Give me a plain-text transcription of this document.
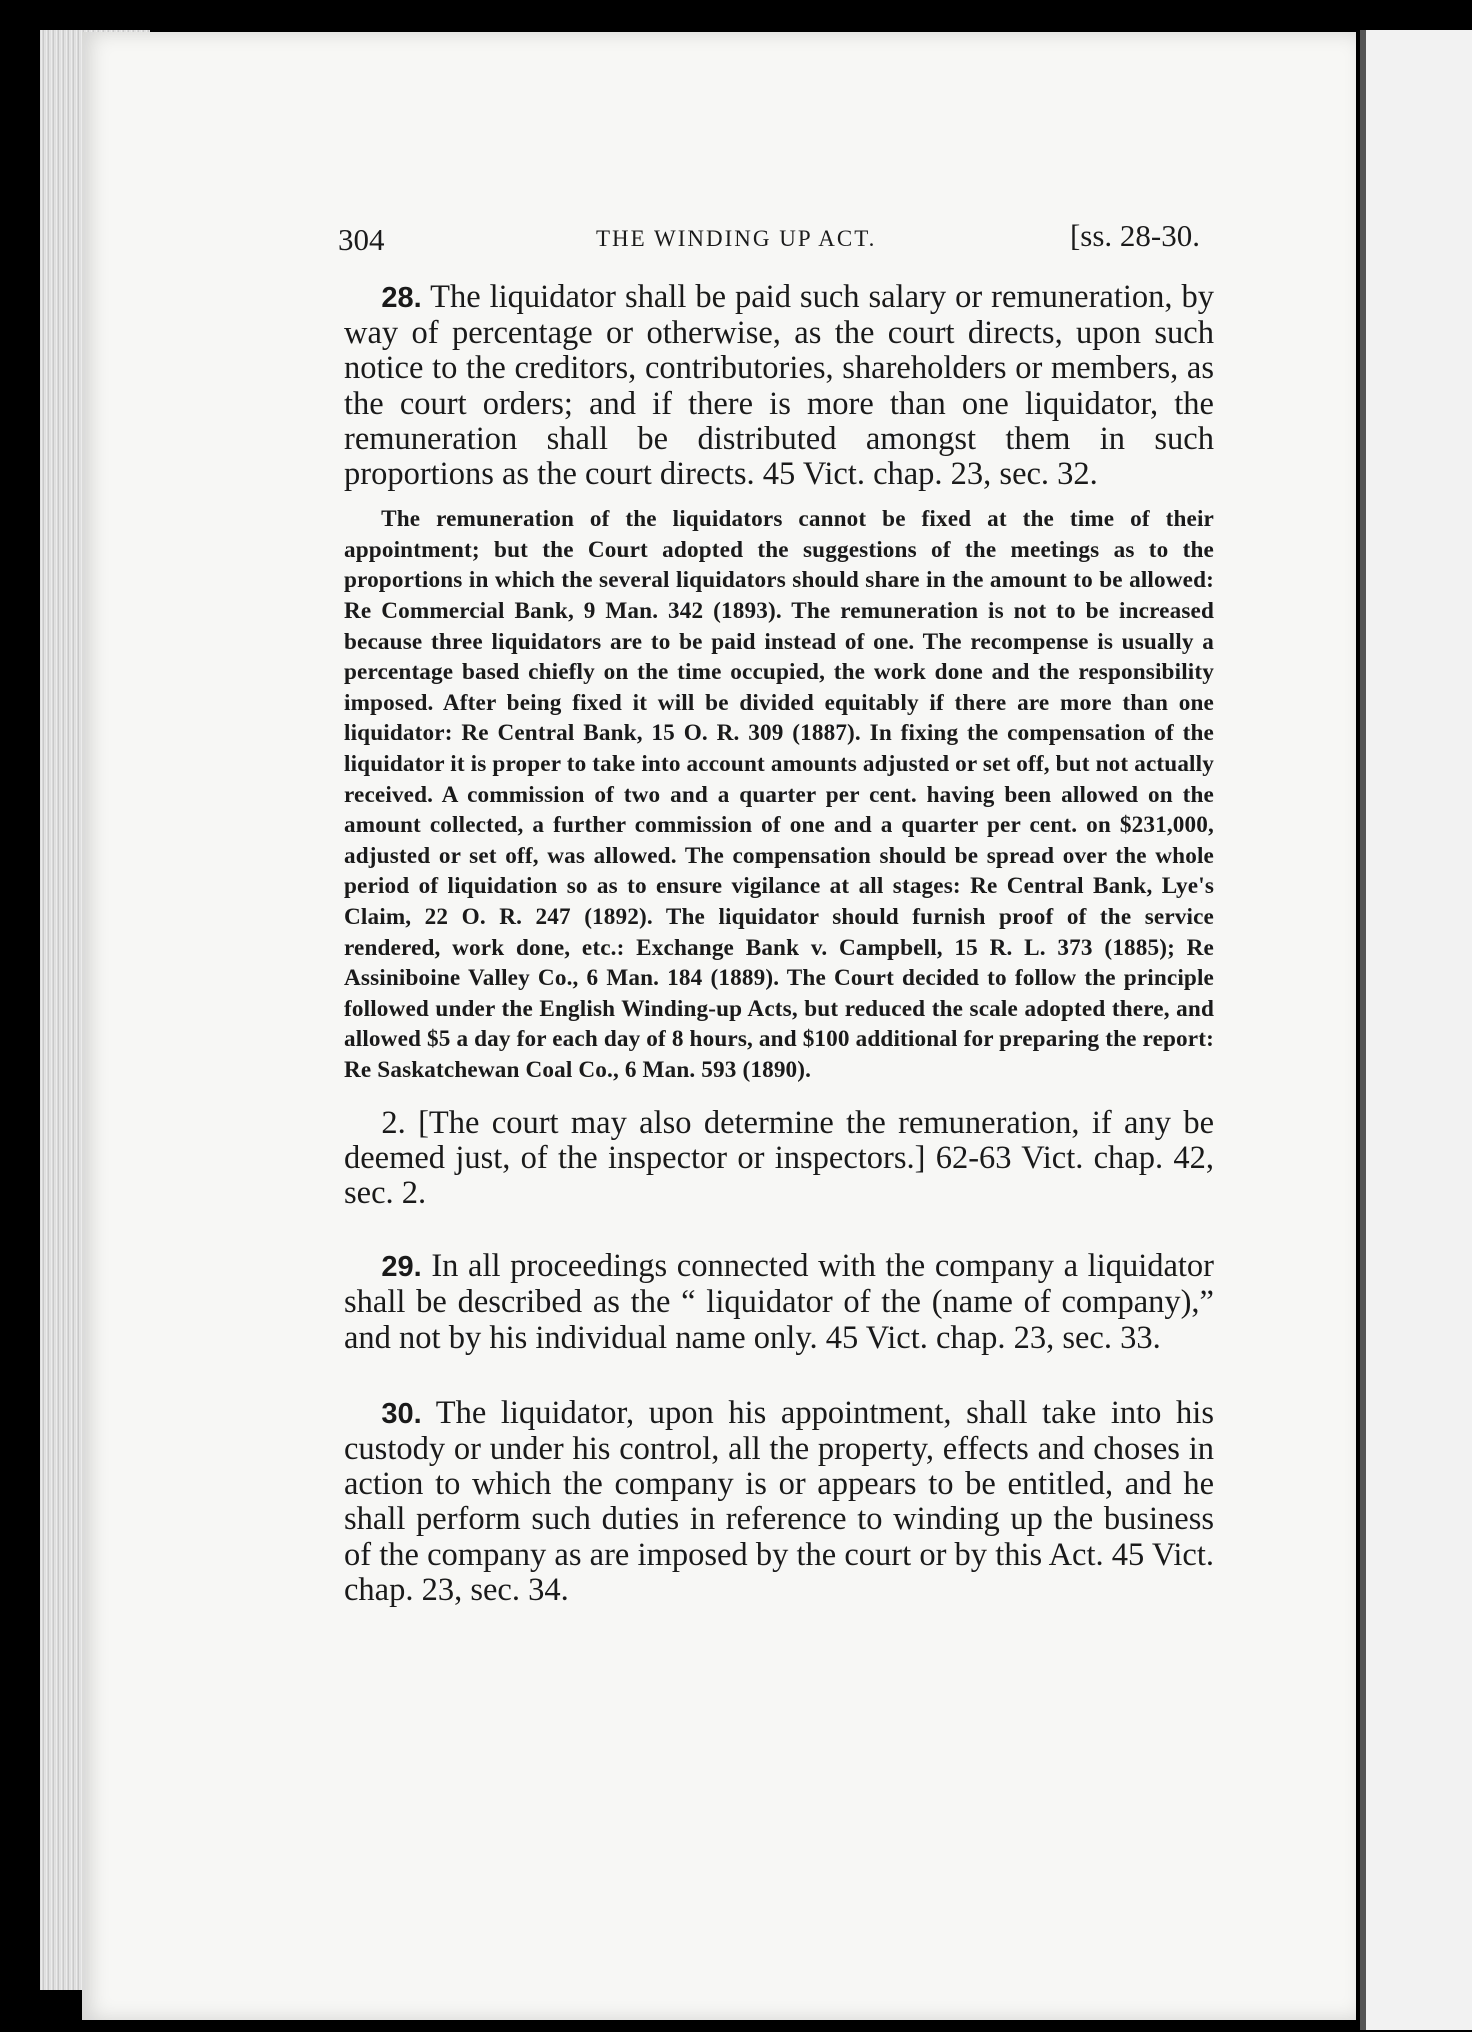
304	THE WINDING UP ACT.	[ss. 28-30.

28. The liquidator shall be paid such salary or remuneration, by way of percentage or otherwise, as the court directs, upon such notice to the creditors, contributories, shareholders or members, as the court orders; and if there is more than one liquidator, the remuneration shall be distributed amongst them in such proportions as the court directs. 45 Vict. chap. 23, sec. 32.

The remuneration of the liquidators cannot be fixed at the time of their appointment; but the Court adopted the suggestions of the meetings as to the proportions in which the several liquidators should share in the amount to be allowed: Re Commercial Bank, 9 Man. 342 (1893). The remuneration is not to be increased because three liquidators are to be paid instead of one. The recompense is usually a percentage based chiefly on the time occupied, the work done and the responsibility imposed. After being fixed it will be divided equitably if there are more than one liquidator: Re Central Bank, 15 O. R. 309 (1887). In fixing the compensation of the liquidator it is proper to take into account amounts adjusted or set off, but not actually received. A commission of two and a quarter per cent. having been allowed on the amount collected, a further commission of one and a quarter per cent. on $231,000, adjusted or set off, was allowed. The compensation should be spread over the whole period of liquidation so as to ensure vigilance at all stages: Re Central Bank, Lye's Claim, 22 O. R. 247 (1892). The liquidator should furnish proof of the service rendered, work done, etc.: Exchange Bank v. Campbell, 15 R. L. 373 (1885); Re Assiniboine Valley Co., 6 Man. 184 (1889). The Court decided to follow the principle followed under the English Winding-up Acts, but reduced the scale adopted there, and allowed $5 a day for each day of 8 hours, and $100 additional for preparing the report: Re Saskatchewan Coal Co., 6 Man. 593 (1890).

2. [The court may also determine the remuneration, if any be deemed just, of the inspector or inspectors.] 62-63 Vict. chap. 42, sec. 2.

29. In all proceedings connected with the company a liquidator shall be described as the “ liquidator of the (name of company),” and not by his individual name only. 45 Vict. chap. 23, sec. 33.

30. The liquidator, upon his appointment, shall take into his custody or under his control, all the property, effects and choses in action to which the company is or appears to be entitled, and he shall perform such duties in reference to winding up the business of the company as are imposed by the court or by this Act. 45 Vict. chap. 23, sec. 34.
